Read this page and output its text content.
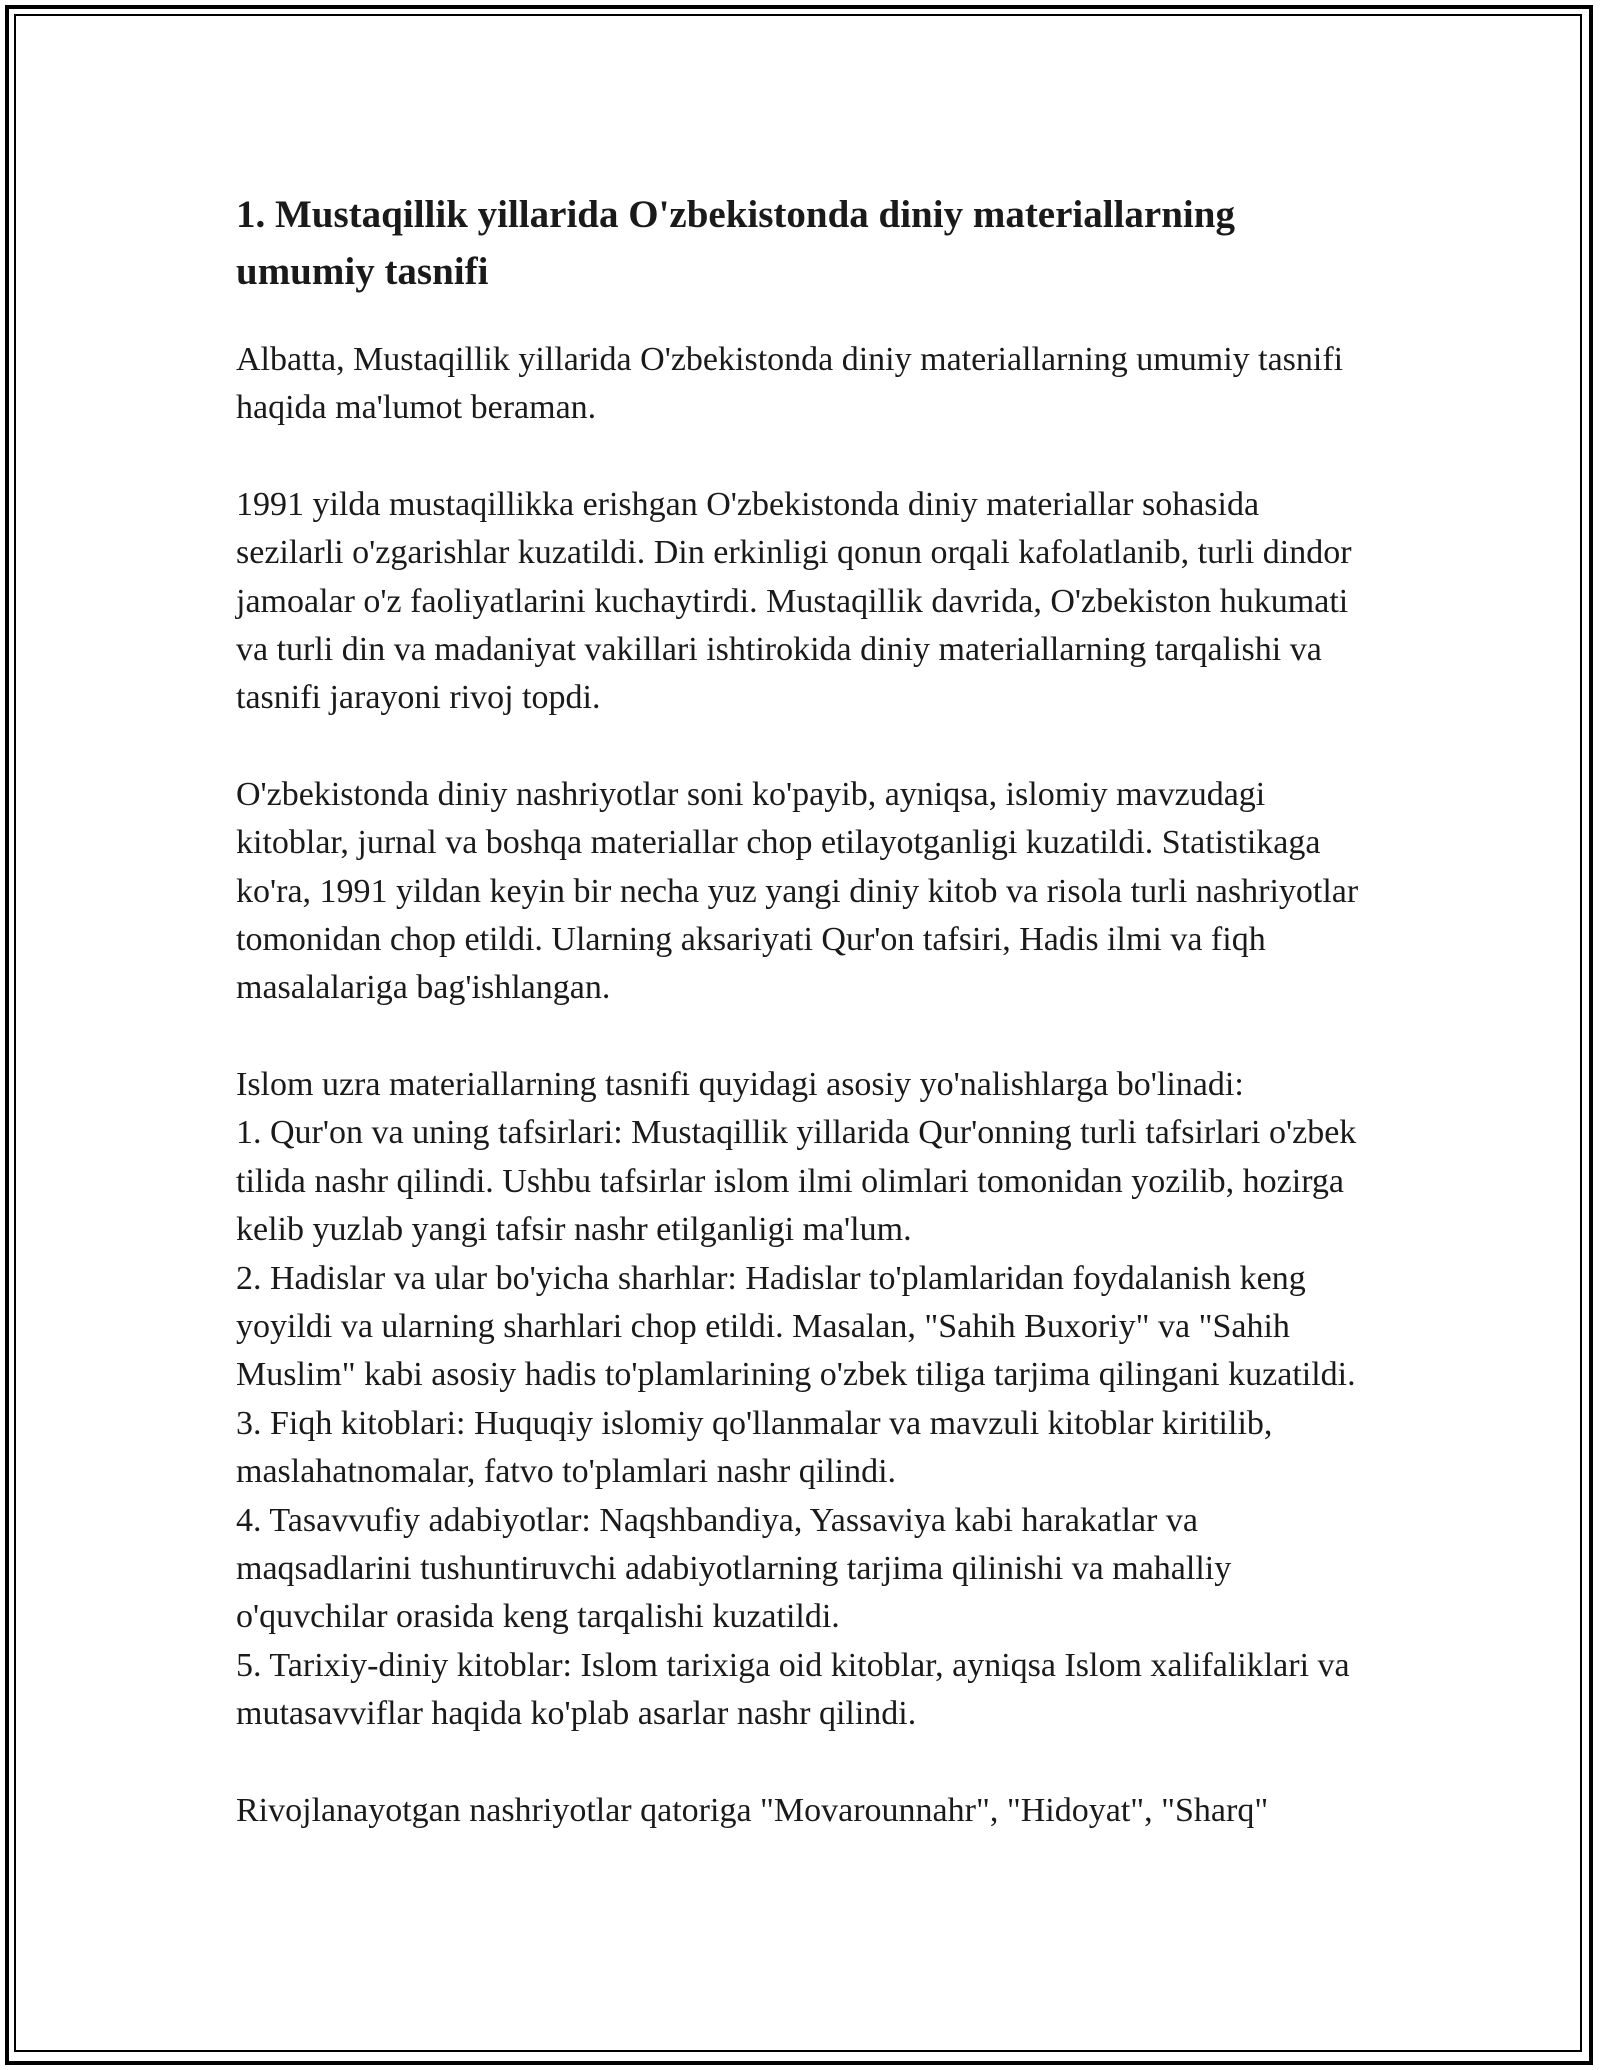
1. Mustaqillik yillarida O'zbekistonda diniy materiallarning umumiy tasnifi

Albatta, Mustaqillik yillarida O'zbekistonda diniy materiallarning umumiy tasnifi haqida ma'lumot beraman.

1991 yilda mustaqillikka erishgan O'zbekistonda diniy materiallar sohasida sezilarli o'zgarishlar kuzatildi. Din erkinligi qonun orqali kafolatlanib, turli dindor jamoalar o'z faoliyatlarini kuchaytirdi. Mustaqillik davrida, O'zbekiston hukumati va turli din va madaniyat vakillari ishtirokida diniy materiallarning tarqalishi va tasnifi jarayoni rivoj topdi.

O'zbekistonda diniy nashriyotlar soni ko'payib, ayniqsa, islomiy mavzudagi kitoblar, jurnal va boshqa materiallar chop etilayotganligi kuzatildi. Statistikaga ko'ra, 1991 yildan keyin bir necha yuz yangi diniy kitob va risola turli nashriyotlar tomonidan chop etildi. Ularning aksariyati Qur'on tafsiri, Hadis ilmi va fiqh masalalariga bag'ishlangan.

Islom uzra materiallarning tasnifi quyidagi asosiy yo'nalishlarga bo'linadi:
1. Qur'on va uning tafsirlari: Mustaqillik yillarida Qur'onning turli tafsirlari o'zbek tilida nashr qilindi. Ushbu tafsirlar islom ilmi olimlari tomonidan yozilib, hozirga kelib yuzlab yangi tafsir nashr etilganligi ma'lum.
2. Hadislar va ular bo'yicha sharhlar: Hadislar to'plamlaridan foydalanish keng yoyildi va ularning sharhlari chop etildi. Masalan, "Sahih Buxoriy" va "Sahih Muslim" kabi asosiy hadis to'plamlarining o'zbek tiliga tarjima qilingani kuzatildi.
3. Fiqh kitoblari: Huquqiy islomiy qo'llanmalar va mavzuli kitoblar kiritilib, maslahatnomalar, fatvo to'plamlari nashr qilindi.
4. Tasavvufiy adabiyotlar: Naqshbandiya, Yassaviya kabi harakatlar va maqsadlarini tushuntiruvchi adabiyotlarning tarjima qilinishi va mahalliy o'quvchilar orasida keng tarqalishi kuzatildi.
5. Tarixiy-diniy kitoblar: Islom tarixiga oid kitoblar, ayniqsa Islom xalifaliklari va mutasavviflar haqida ko'plab asarlar nashr qilindi.

Rivojlanayotgan nashriyotlar qatoriga "Movarounnahr", "Hidoyat", "Sharq"
